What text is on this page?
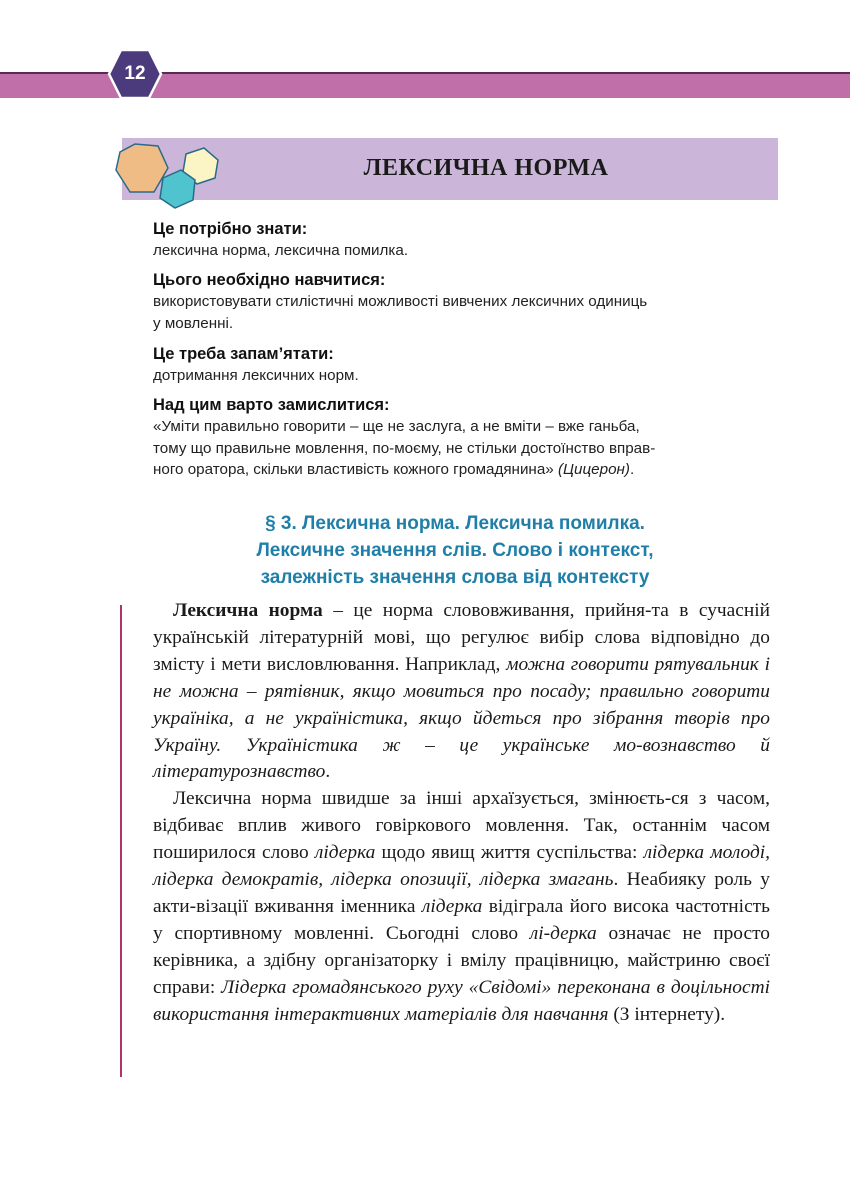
12
ЛЕКСИЧНА НОРМА
Це потрібно знати:

лексична норма, лексична помилка.

Цього необхідно навчитися:

використовувати стилістичні можливості вивчених лексичних одиниць

у мовленні.

Це треба запам’ятати:

дотримання лексичних норм.

Над цим варто замислитися:

«Уміти правильно говорити – ще не заслуга, а не вміти – вже ганьба,

тому що правильне мовлення, по-моєму, не стільки достоїнство вправ-

ного оратора, скільки властивість кожного громадянина» (Цицерон).

§ 3. Лексична норма. Лексична помилка.
Лексичне значення слів. Слово і контекст,
залежність значення слова від контексту

Лексична норма – це норма слововживання, прийня-та в сучасній українській літературній мові, що регулює вибір слова відповідно до змісту і мети висловлювання. Наприклад, можна говорити рятувальник і не можна – рятівник, якщо мовиться про посаду; правильно говорити україніка, а не україністика, якщо йдеться про зібрання творів про Україну. Україністика ж – це українське мо-вознавство й літературознавство.

Лексична норма швидше за інші архаїзується, змінюєть-ся з часом, відбиває вплив живого говіркового мовлення. Так, останнім часом поширилося слово лідерка щодо явищ життя суспільства: лідерка молоді, лідерка демократів, лідерка опозиції, лідерка змагань. Неабияку роль у акти-візації вживання іменника лідерка відіграла його висока частотність у спортивному мовленні. Сьогодні слово лі-дерка означає не просто керівника, а здібну організаторку і вмілу працівницю, майстриню своєї справи: Лідерка громадянського руху «Свідомі» переконана в доцільності використання інтерактивних матеріалів для навчання (З інтернету).
